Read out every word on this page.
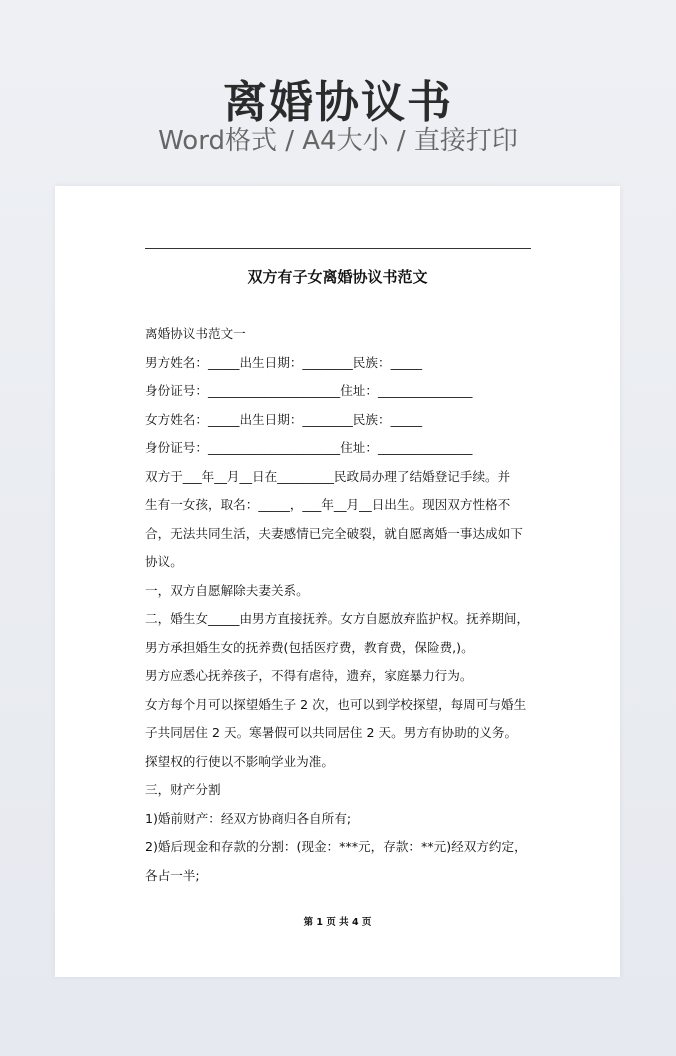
离婚协议书
Word格式 / A4大小 / 直接打印
双方有子女离婚协议书范文
离婚协议书范文一
男方姓名：_____出生日期：________民族：_____
身份证号：_____________________住址：_______________
女方姓名：_____出生日期：________民族：_____
身份证号：_____________________住址：_______________
双方于___年__月__日在_________民政局办理了结婚登记手续。并
生有一女孩，取名：_____，___年__月__日出生。现因双方性格不
合，无法共同生活，夫妻感情已完全破裂，就自愿离婚一事达成如下
协议。
一，双方自愿解除夫妻关系。
二，婚生女_____由男方直接抚养。女方自愿放弃监护权。抚养期间，
男方承担婚生女的抚养费(包括医疗费，教育费，保险费,)。
男方应悉心抚养孩子，不得有虐待，遗弃，家庭暴力行为。
女方每个月可以探望婚生子 2 次，也可以到学校探望，每周可与婚生
子共同居住 2 天。寒暑假可以共同居住 2 天。男方有协助的义务。
探望权的行使以不影响学业为准。
三，财产分割
1)婚前财产：经双方协商归各自所有;
2)婚后现金和存款的分割：(现金：***元，存款：**元)经双方约定，
各占一半;
第 1 页 共 4 页
